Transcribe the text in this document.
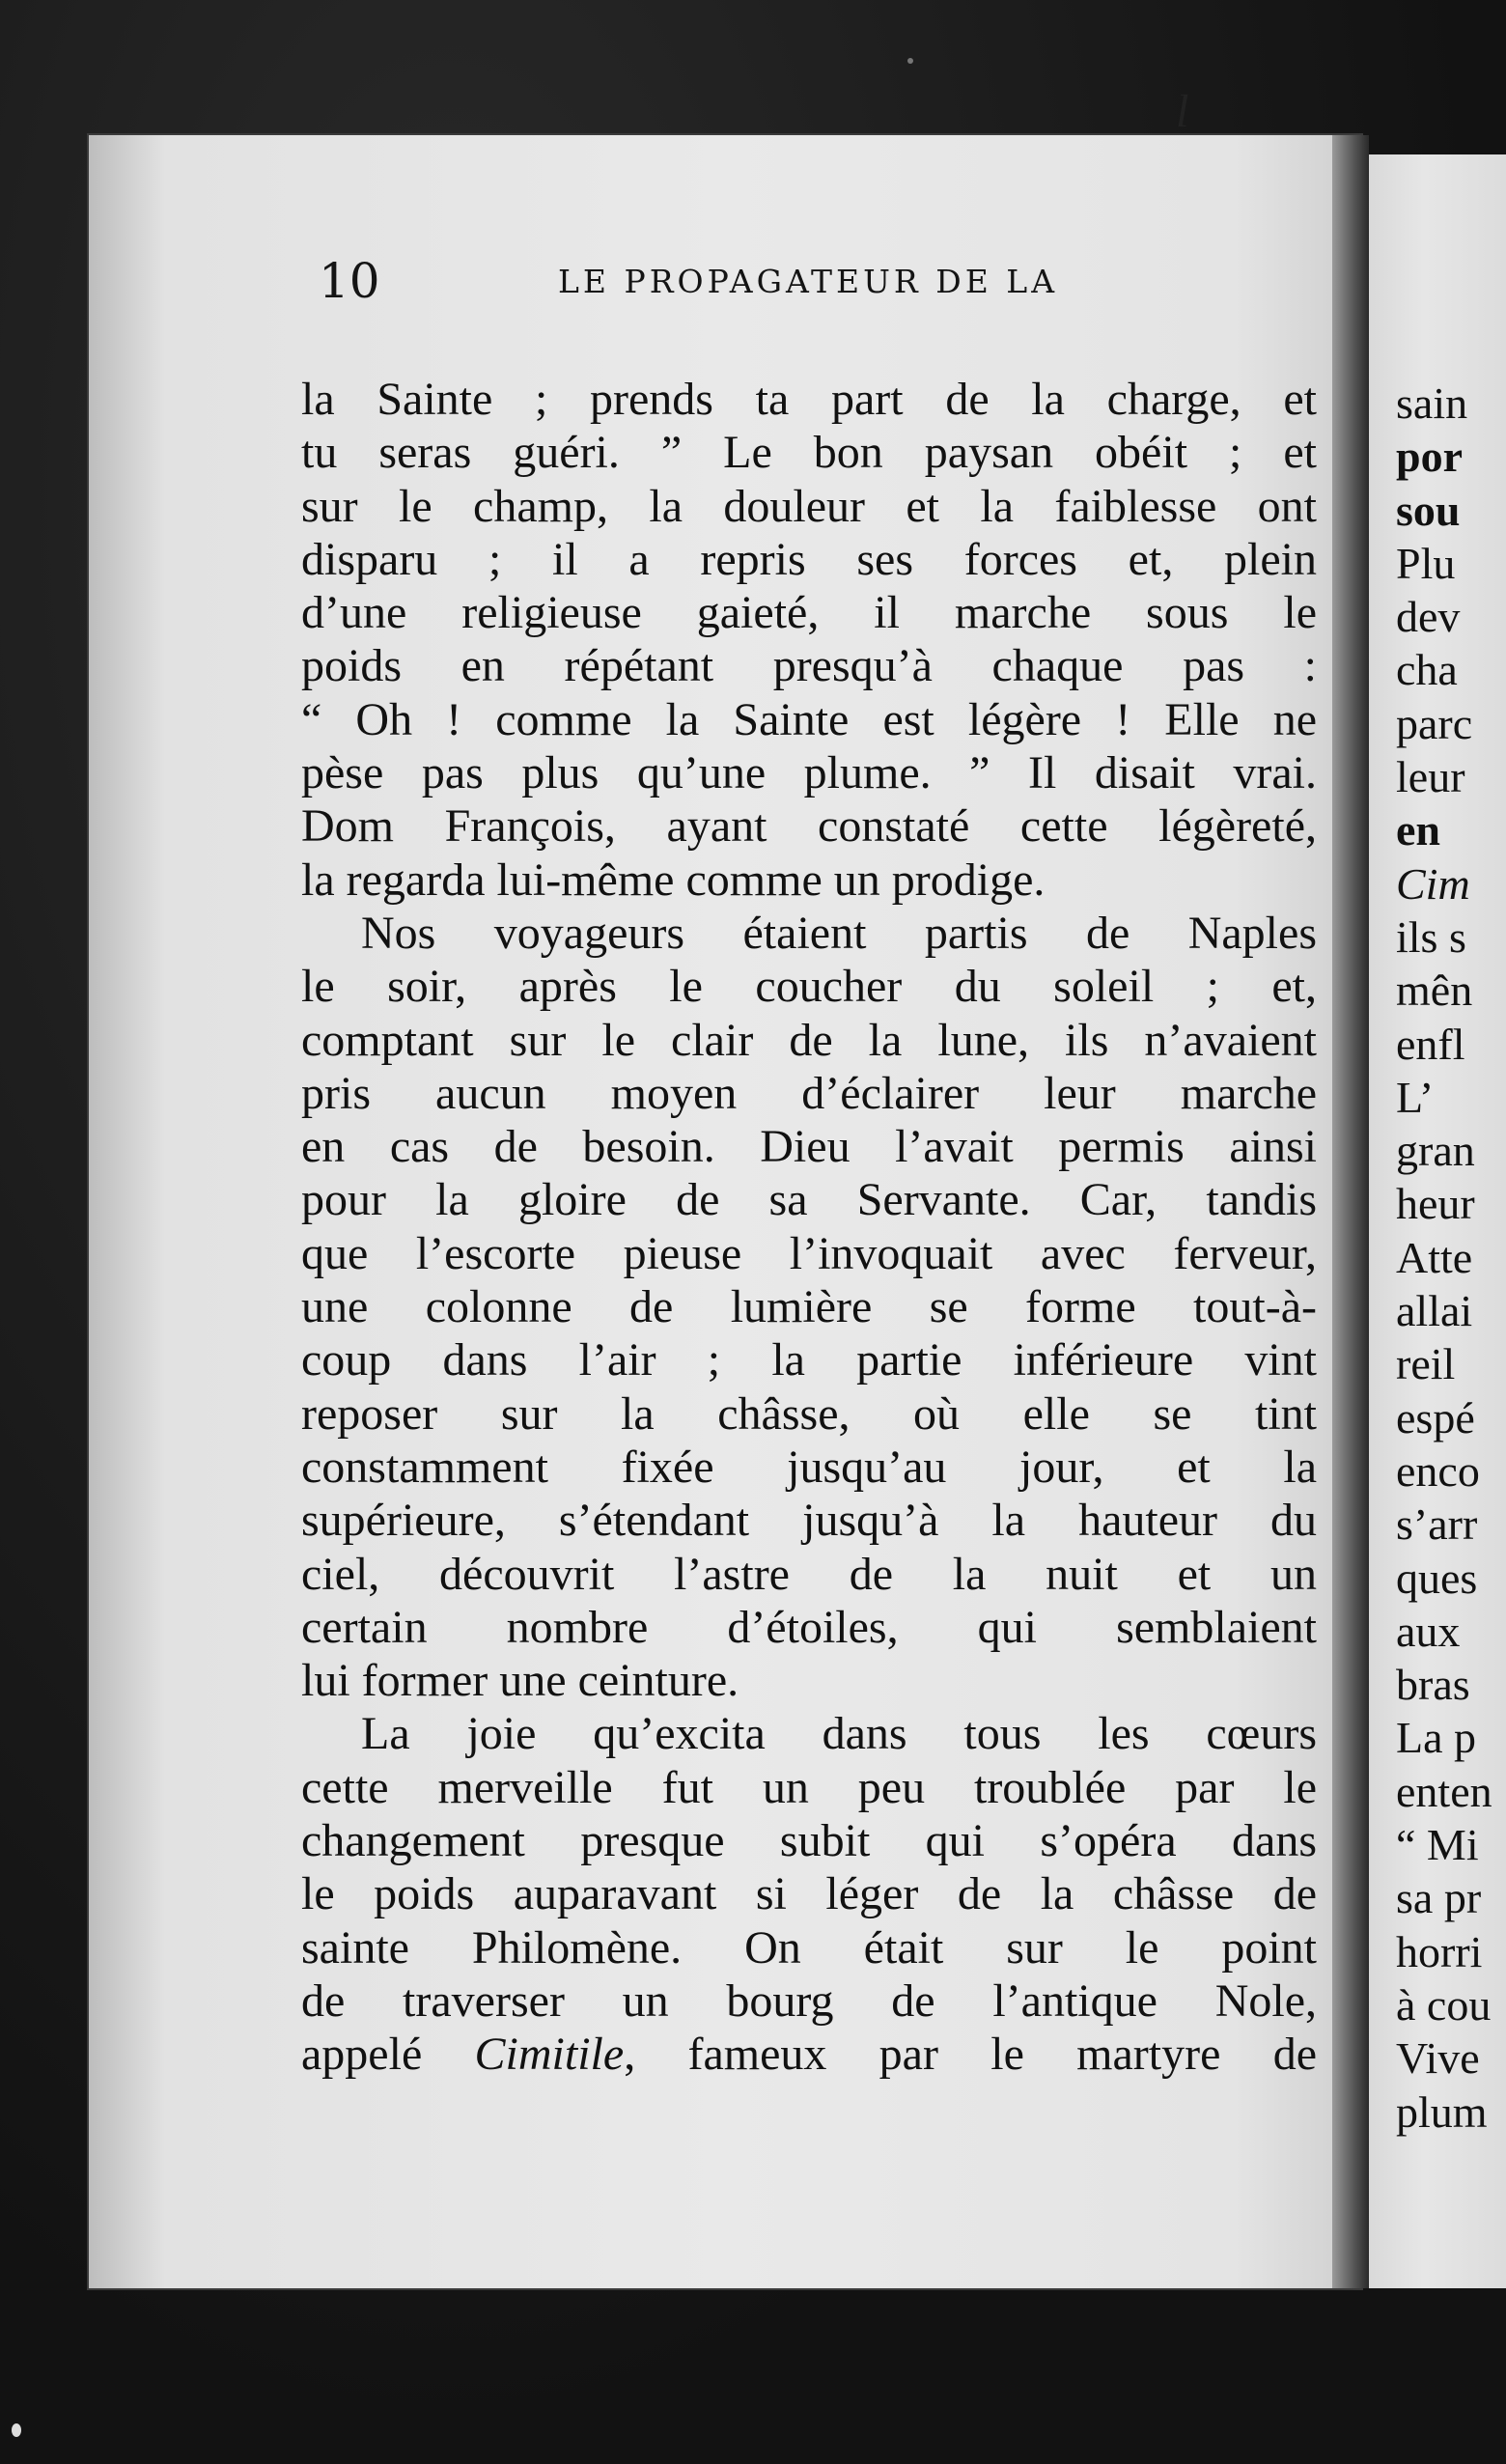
l
10	LE PROPAGATEUR DE LA
la Sainte ; prends ta part de la charge, et
tu seras guéri. ” Le bon paysan obéit ; et
sur le champ, la douleur et la faiblesse ont
disparu ; il a repris ses forces et, plein
d’une religieuse gaieté, il marche sous le
poids en répétant presqu’à chaque pas :
“ Oh ! comme la Sainte est légère ! Elle ne
pèse pas plus qu’une plume. ” Il disait vrai.
Dom François, ayant constaté cette légèreté,
la regarda lui-même comme un prodige.
Nos voyageurs étaient partis de Naples
le soir, après le coucher du soleil ; et,
comptant sur le clair de la lune, ils n’avaient
pris aucun moyen d’éclairer leur marche
en cas de besoin. Dieu l’avait permis ainsi
pour la gloire de sa Servante. Car, tandis
que l’escorte pieuse l’invoquait avec ferveur,
une colonne de lumière se forme tout-à-
coup dans l’air ; la partie inférieure vint
reposer sur la châsse, où elle se tint
constamment fixée jusqu’au jour, et la
supérieure, s’étendant jusqu’à la hauteur du
ciel, découvrit l’astre de la nuit et un
certain nombre d’étoiles, qui semblaient
lui former une ceinture.
La joie qu’excita dans tous les cœurs
cette merveille fut un peu troublée par le
changement presque subit qui s’opéra dans
le poids auparavant si léger de la châsse de
sainte Philomène. On était sur le point
de traverser un bourg de l’antique Nole,
appelé Cimitile, fameux par le martyre de
sain
por
sou
Plu
dev
cha
parc
leur
en
Cim
ils s
mên
enfl
L’
gran
heur
Atte
allai
reil
espé
enco
s’arr
ques
aux
bras
La p
enten
“ Mi
sa pr
horri
à cou
Vive
plum
